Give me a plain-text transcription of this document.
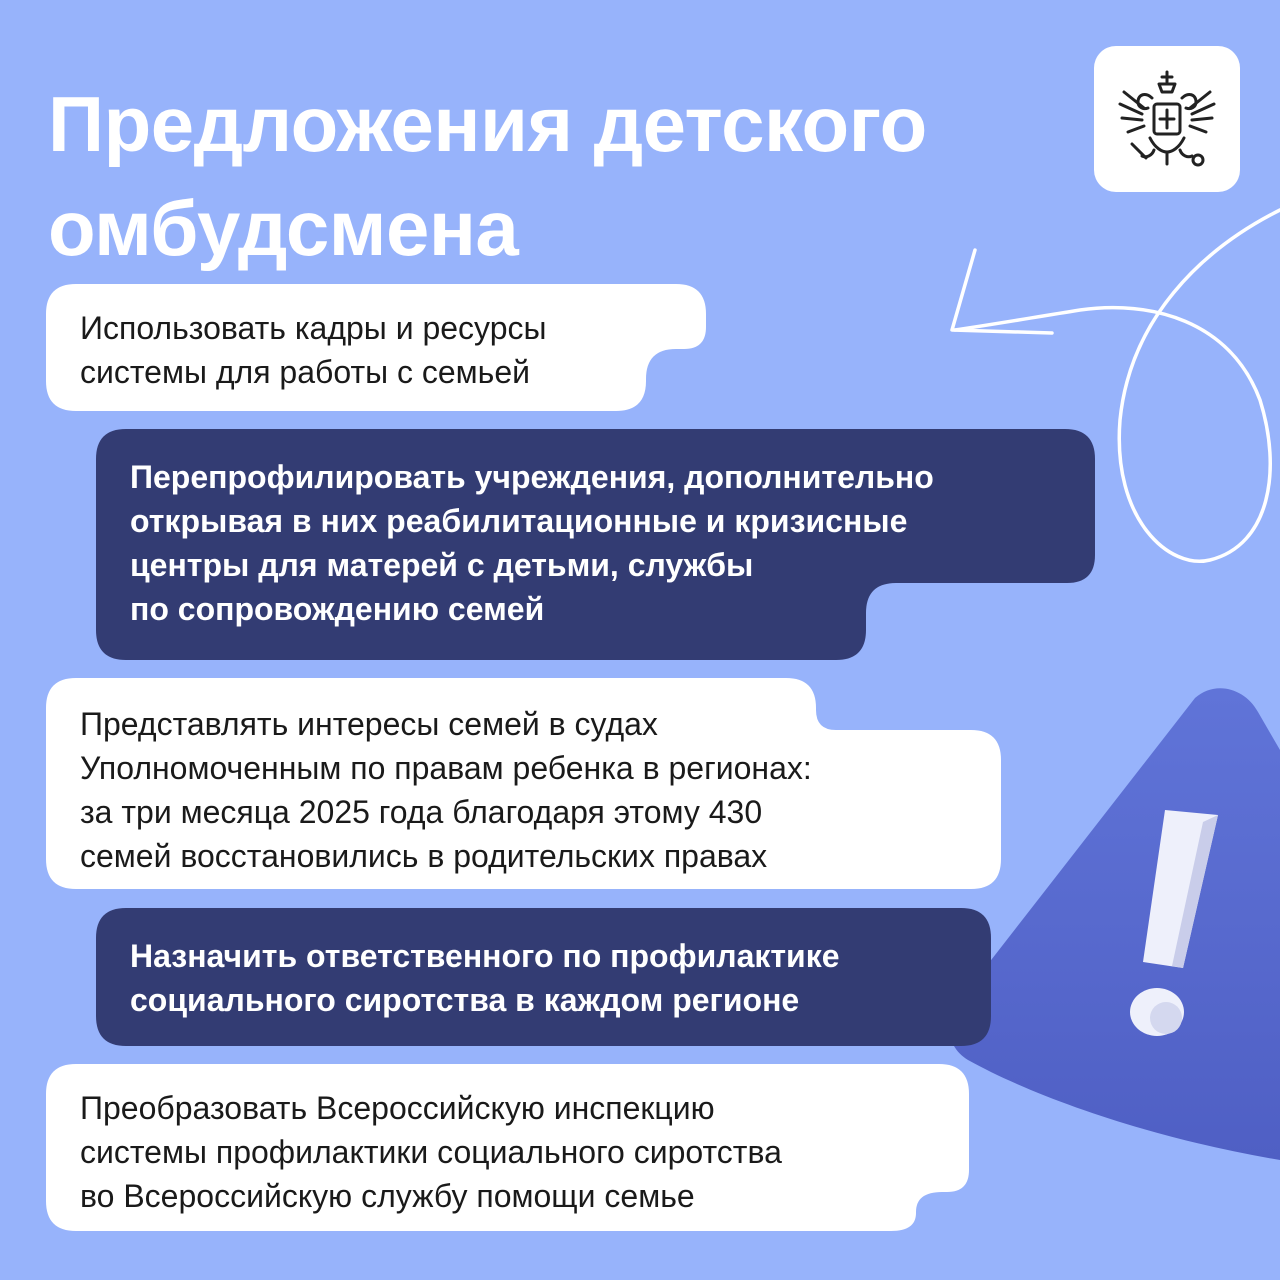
Предложения детского
омбудсмена
Использовать кадры и ресурсы
системы для работы с семьей
Перепрофилировать учреждения, дополнительно
открывая в них реабилитационные и кризисные
центры для матерей с детьми, службы
по сопровождению семей
Представлять интересы семей в судах
Уполномоченным по правам ребенка в регионах:
за три месяца 2025 года благодаря этому 430
семей восстановились в родительских правах
Назначить ответственного по профилактике
социального сиротства в каждом регионе
Преобразовать Всероссийскую инспекцию
системы профилактики социального сиротства
во Всероссийскую службу помощи семье
